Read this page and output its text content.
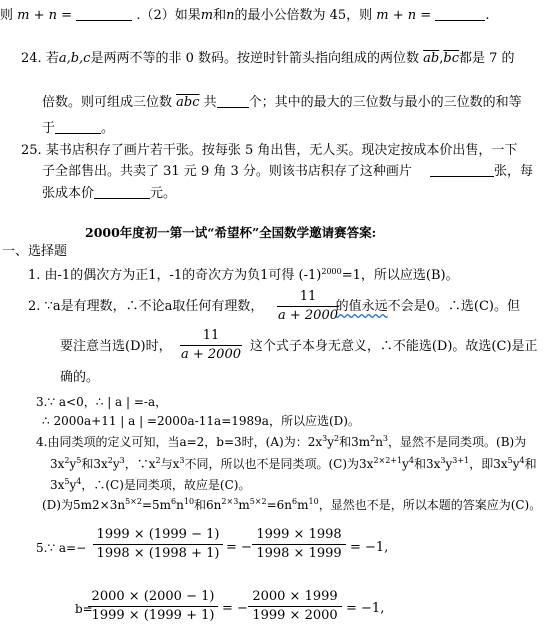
则 m + n =	.（2）如果m和n的最小公倍数为 45，则 m + n =	.
24. 若a,b,c是两两不等的非 0 数码。按逆时针箭头指向组成的两位数 $\overline{ab},\overline{bc}$都是 7 的
倍数。则可组成三位数 $\overline{abc}$ 共 个；其中的最大的三位数与最小的三位数的和等
于	。
25. 某书店积存了画片若干张。按每张 5 角出售，无人买。现决定按成本价出售，一下
子全部售出。共卖了 31 元 9 角 3 分。则该书店积存了这种画片	张，每
张成本价	元。
2000年度初一第一试“希望杯”全国数学邀请赛答案:
一、选择题
1. 由-1的偶次方为正1，-1的奇次方为负1可得 $(-1)^{2000}=1$，所以应选(B)。
2. ∵a是有理数，∴不论a取任何有理数，	的值永远不会是0。∴选(C)。但
11
a + 2000
要注意当选(D)时，	这个式子本身无意义，∴不能选(D)。故选(C)是正
11
a + 2000
确的。
3.∵ a<0，∴ | a | =-a，
∴ 2000a+11 | a | =2000a-11a=1989a，所以应选(D)。
4.由同类项的定义可知，当a=2，b=3时，(A)为：$2x^3y^2$和$3m^2n^3$，显然不是同类项。(B)为
$3x^2y^5$和$3x^2y^3$，$\because x^2$与$x^3$不同，所以也不是同类项。(C)为$3x^{2\times 2+1}y^4$和$3x^3y^{3+1}$，即$3x^5y^4$和
$3x^5y^4$，∴(C)是同类项，故应是(C)。
(D)为$5m2\times 3n^{5\times 2}=5m^6n^{10}$和$6n^{2\times 3}m^{5\times 2}=6n^6m^{10}$，显然也不是，所以本题的答案应为(C)。
5.∵ a=−
1999 × (1999 − 1)
1998 × (1998 + 1) = −
1999 × 1998
1998 × 1999 = −1,
b=
2000 × (2000 − 1)
1999 × (1999 + 1) = −
2000 × 1999
1999 × 2000 = −1,
